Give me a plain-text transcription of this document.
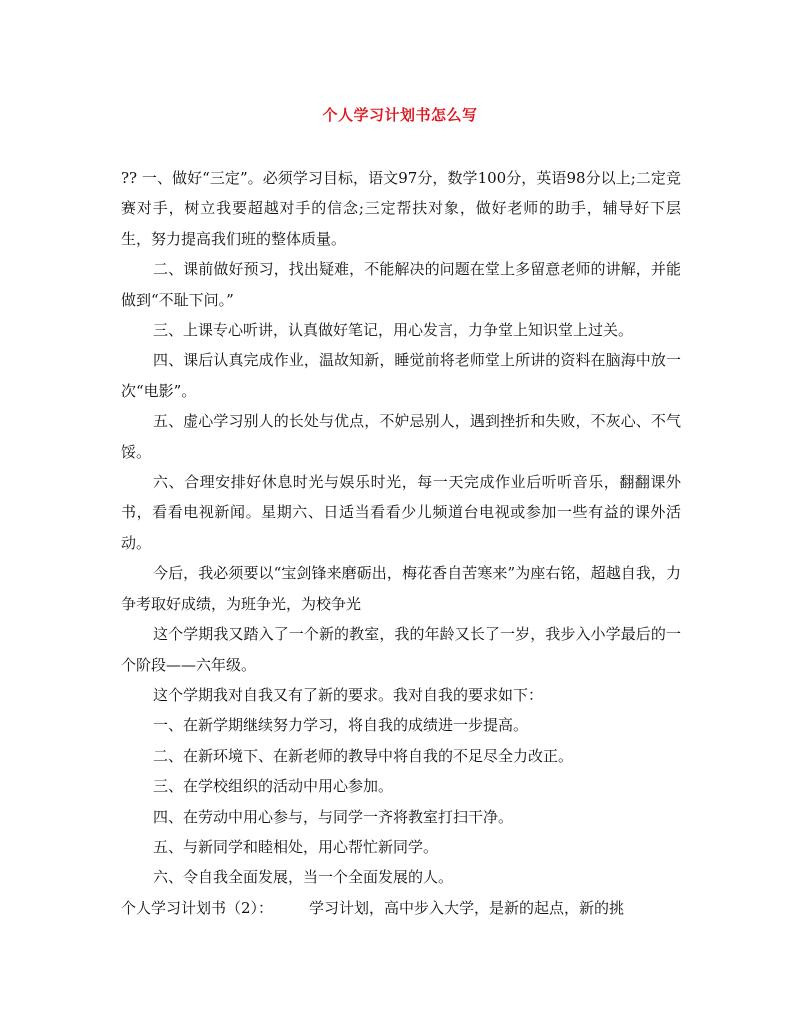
个人学习计划书怎么写

?? 一、做好“三定”。必须学习目标，语文97分，数学100分，英语98分以上;二定竞赛对手，树立我要超越对手的信念;三定帮扶对象，做好老师的助手，辅导好下层生，努力提高我们班的整体质量。

二、课前做好预习，找出疑难，不能解决的问题在堂上多留意老师的讲解，并能做到“不耻下问。”

三、上课专心听讲，认真做好笔记，用心发言，力争堂上知识堂上过关。

四、课后认真完成作业，温故知新，睡觉前将老师堂上所讲的资料在脑海中放一次“电影”。

五、虚心学习别人的长处与优点，不妒忌别人，遇到挫折和失败，不灰心、不气馁。

六、合理安排好休息时光与娱乐时光，每一天完成作业后听听音乐，翻翻课外书，看看电视新闻。星期六、日适当看看少儿频道台电视或参加一些有益的课外活动。

今后，我必须要以“宝剑锋来磨砺出，梅花香自苦寒来”为座右铭，超越自我，力争考取好成绩，为班争光，为校争光

这个学期我又踏入了一个新的教室，我的年龄又长了一岁，我步入小学最后的一个阶段——六年级。

这个学期我对自我又有了新的要求。我对自我的要求如下：

一、在新学期继续努力学习，将自我的成绩进一步提高。

二、在新环境下、在新老师的教导中将自我的不足尽全力改正。

三、在学校组织的活动中用心参加。

四、在劳动中用心参与，与同学一齐将教室打扫干净。

五、与新同学和睦相处，用心帮忙新同学。

六、令自我全面发展，当一个全面发展的人。

个人学习计划书（2）： 学习计划，高中步入大学，是新的起点，新的挑
